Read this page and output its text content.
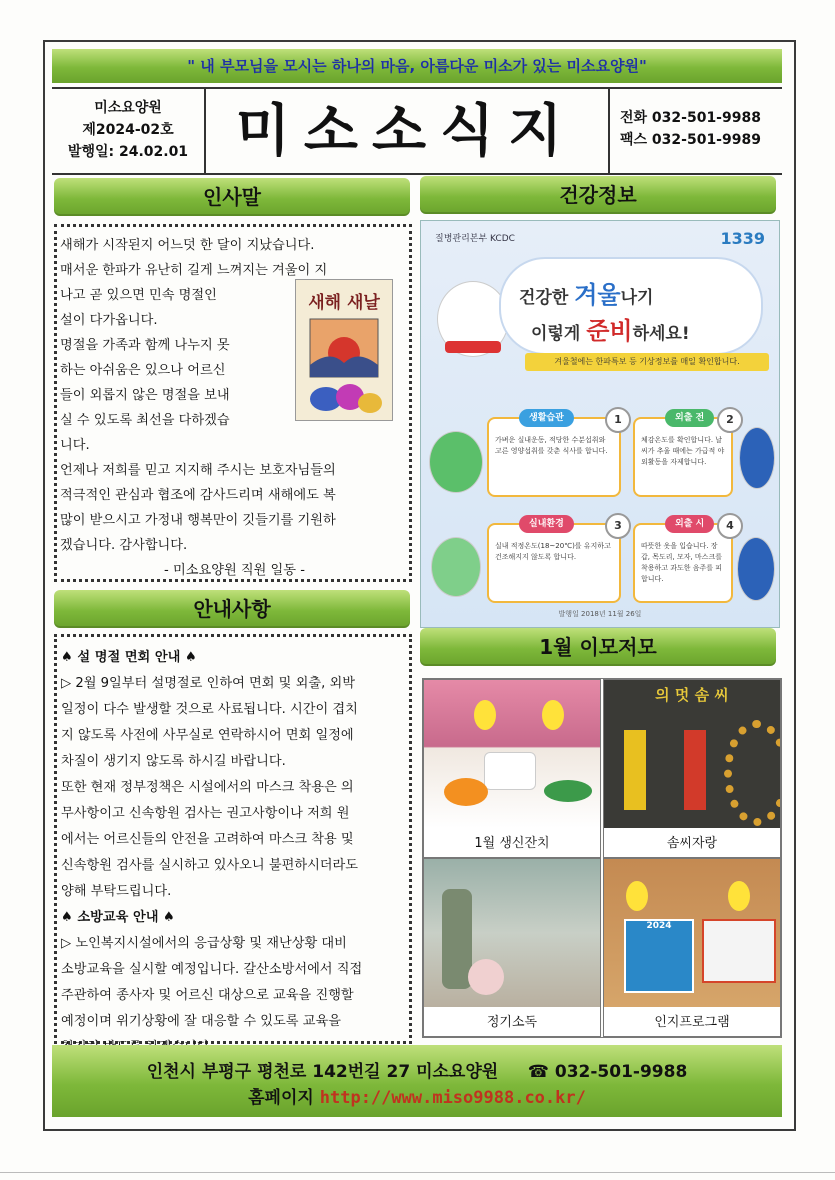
" 내 부모님을 모시는 하나의 마음, 아름다운 미소가 있는 미소요양원"
미소요양원
제2024-02호
발행일: 24.02.01 미소소식지	전화 032-501-9988
팩스 032-501-9989
인사말

새해가 시작된지 어느덧 한 달이 지났습니다.

매서운 한파가 유난히 길게 느껴지는 겨울이 지

나고 곧 있으면 민속 명절인

설이 다가옵니다.

명절을 가족과 함께 나누지 못

하는 아쉬움은 있으나 어르신

들이 외롭지 않은 명절을 보내

실 수 있도록 최선을 다하겠습

니다.

언제나 저희를 믿고 지지해 주시는 보호자님들의

적극적인 관심과 협조에 감사드리며 새해에도 복

많이 받으시고 가정내 행복만이 깃들기를 기원하

겠습니다. 감사합니다.

- 미소요양원 직원 일동 -

새해 새날
안내사항

♠ 설 명절 면회 안내 ♠

▷ 2월 9일부터 설명절로 인하여 면회 및 외출, 외박

일정이 다수 발생할 것으로 사료됩니다. 시간이 겹치

지 않도록 사전에 사무실로 연락하시어 면회 일정에

차질이 생기지 않도록 하시길 바랍니다.

또한 현재 정부정책은 시설에서의 마스크 착용은 의

무사항이고 신속항원 검사는 권고사항이나 저희 원

에서는 어르신들의 안전을 고려하여 마스크 착용 및

신속항원 검사를 실시하고 있사오니 불편하시더라도

양해 부탁드립니다.

♠ 소방교육 안내 ♠

▷ 노인복지시설에서의 응급상황 및 재난상황 대비

소방교육을 실시할 예정입니다. 갈산소방서에서 직접

주관하여 종사자 및 어르신 대상으로 교육을 진행할

예정이며 위기상황에 잘 대응할 수 있도록 교육을

건강정보
질병관리본부 KCDC	1339
건강한 겨울나기
이렇게 준비하세요!
겨울철에는 한파특보 등 기상정보를 매일 확인합니다.
생활습관	1
가벼운 실내운동, 적당한 수분섭취와 고른 영양섭취를 갖춘 식사를 합니다.
외출 전	2
체감온도를 확인합니다. 날씨가 추울 때에는 가급적 야외활동을 자제합니다.
실내환경	3
실내 적정온도(18~20℃)를 유지하고 건조해지지 않도록 합니다.
외출 시	4
따뜻한 옷을 입습니다. 장갑, 목도리, 모자, 마스크를 착용하고 과도한 음주를 피합니다.
발행일 2018년 11월 26일
1월 이모저모
1월 생신잔치
의 멋 솜 씨
솜씨자랑
정기소독
2024
인지프로그램
인천시 부평구 평천로 142번길 27 미소요양원 ☎ 032-501-9988
홈페이지 http://www.miso9988.co.kr/
